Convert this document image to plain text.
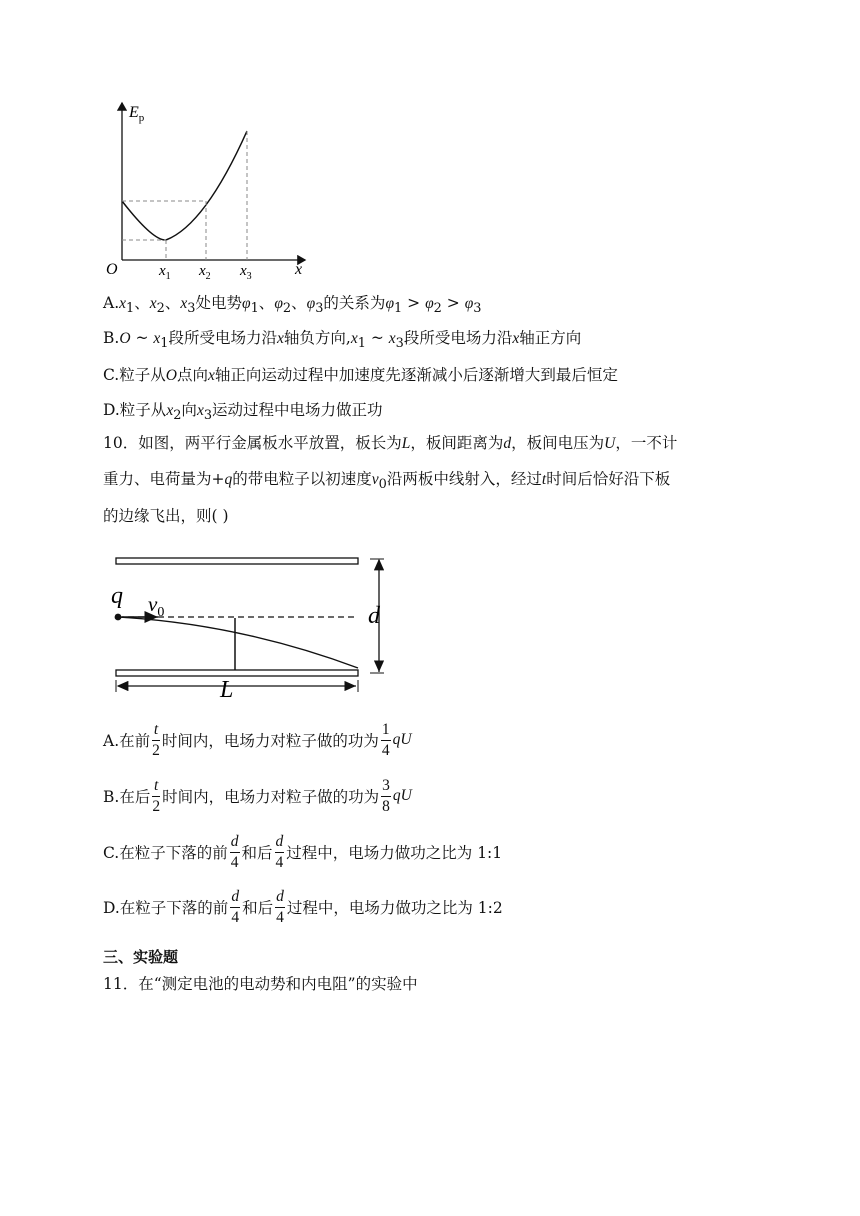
$E_p$
O	$x_1$ $x_2$ $x_3$	x
$A.x_1$、$x_2$、$x_3$处电势$\varphi_1$、$\varphi_2$、$\varphi_3$的关系为$\varphi_1 > \varphi_2 > \varphi_3$
B.O ~ $x_1$段所受电场力沿x轴负方向$,x_1$ ~ $x_3$段所受电场力沿x轴正方向
C.粒子从O点向x轴正向运动过程中加速度先逐渐减小后逐渐增大到最后恒定
D.粒子从$x_2$向$x_3$运动过程中电场力做正功
10．如图，两平行金属板水平放置，板长为L，板间距离为d，板间电压为U，一不计
重力、电荷量为+q的带电粒子以初速度$v_0$沿两板中线射入，经过t时间后恰好沿下板
的边缘飞出，则( )
q $v_0$	d
L
A.在前 $\frac{t}{2}$ 时间内，电场力对粒子做的功为 $\frac{1}{4}$ qU
B.在后 $\frac{t}{2}$ 时间内，电场力对粒子做的功为 $\frac{3}{8}$ qU
C.在粒子下落的前 $\frac{d}{4}$ 和后 $\frac{d}{4}$ 过程中，电场力做功之比为 1:1
D.在粒子下落的前 $\frac{d}{4}$ 和后 $\frac{d}{4}$ 过程中，电场力做功之比为 1:2
三、实验题
11．在“测定电池的电动势和内电阻”的实验中
